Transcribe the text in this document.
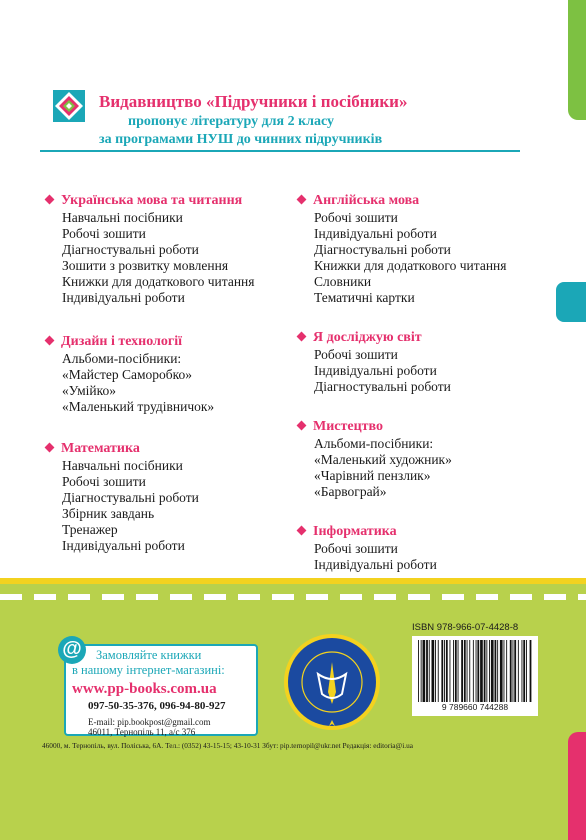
Видавництво «Підручники і посібники»
пропонує літературу для 2 класу
за програмами НУШ до чинних підручників
Українська мова та читання
Навчальні посібники
Робочі зошити
Діагностувальні роботи
Зошити з розвитку мовлення
Книжки для додаткового читання
Індивідуальні роботи
Дизайн і технології
Альбоми-посібники:
«Майстер Саморобко»
«Умійко»
«Маленький трудівничок»
Математика
Навчальні посібники
Робочі зошити
Діагностувальні роботи
Збірник завдань
Тренажер
Індивідуальні роботи
Англійська мова
Робочі зошити
Індивідуальні роботи
Діагностувальні роботи
Книжки для додаткового читання
Словники
Тематичні картки
Я досліджую світ
Робочі зошити
Індивідуальні роботи
Діагностувальні роботи
Мистецтво
Альбоми-посібники:
«Маленький художник»
«Чарівний пензлик»
«Барвограй»
Інформатика
Робочі зошити
Індивідуальні роботи
@	Замовляйте книжки
в нашому інтернет-магазині:
www.pp-books.com.ua
097-50-35-376, 096-94-80-927
E-mail: pip.bookpost@gmail.com
46011, Тернопіль 11, а/с 376
ISBN 978-966-07-4428-8
9 789660 744288
46000, м. Тернопіль, вул. Поліська, 6А. Тел.: (0352) 43-15-15; 43-10-31 Збут: pip.ternopil@ukr.net Редакція: editoria@i.ua
